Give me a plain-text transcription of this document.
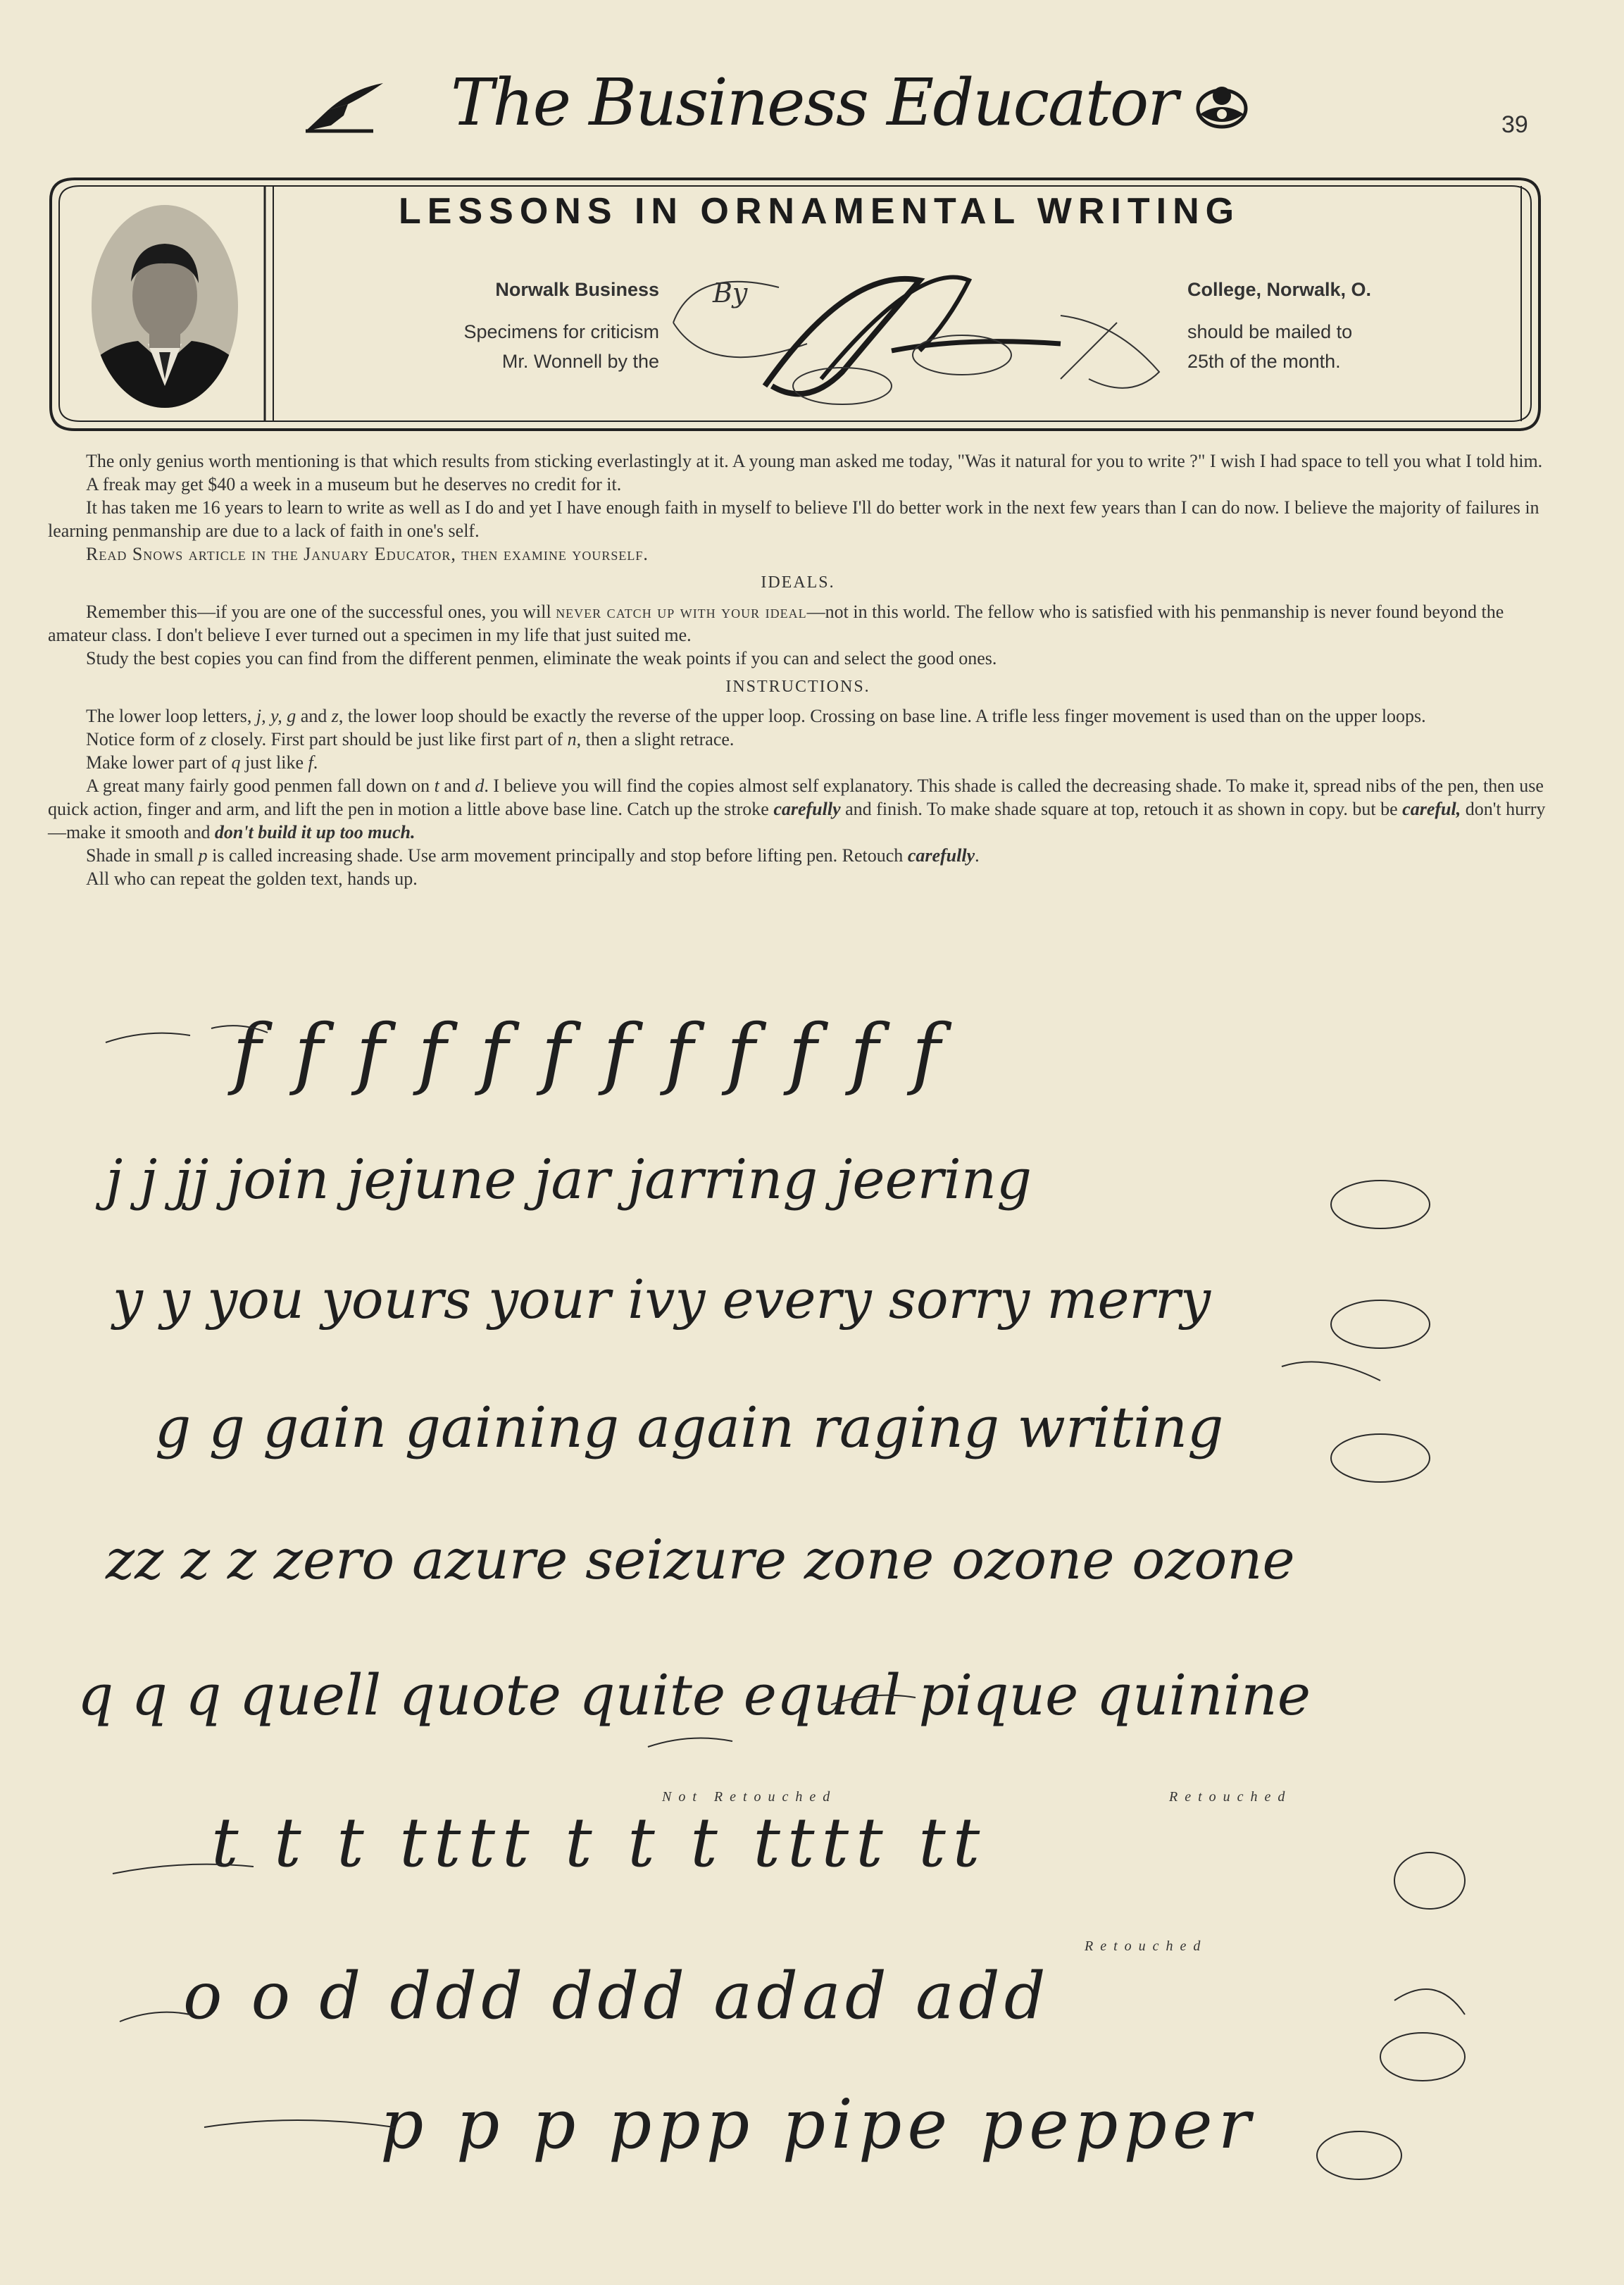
The Business Educator	39
LESSONS IN ORNAMENTAL WRITING
Norwalk Business
Specimens for criticism
Mr. Wonnell by the
By	College, Norwalk, O.
should be mailed to
25th of the month.

The only genius worth mentioning is that which results from sticking everlastingly at it. A young man asked me today, "Was it natural for you to write ?" I wish I had space to tell you what I told him.

A freak may get $40 a week in a museum but he deserves no credit for it.

It has taken me 16 years to learn to write as well as I do and yet I have enough faith in myself to believe I'll do better work in the next few years than I can do now. I believe the majority of failures in learning penmanship are due to a lack of faith in one's self.

Read Snows article in the January Educator, then examine yourself.

IDEALS.

Remember this—if you are one of the successful ones, you will never catch up with your ideal—not in this world. The fellow who is satisfied with his penmanship is never found beyond the amateur class. I don't believe I ever turned out a specimen in my life that just suited me.

Study the best copies you can find from the different penmen, eliminate the weak points if you can and select the good ones.

INSTRUCTIONS.

The lower loop letters, j, y, g and z, the lower loop should be exactly the reverse of the upper loop. Crossing on base line. A trifle less finger movement is used than on the upper loops.

Notice form of z closely. First part should be just like first part of n, then a slight retrace.

Make lower part of q just like f.

A great many fairly good penmen fall down on t and d. I believe you will find the copies almost self explanatory. This shade is called the decreasing shade. To make it, spread nibs of the pen, then use quick action, finger and arm, and lift the pen in motion a little above base line. Catch up the stroke carefully and finish. To make shade square at top, retouch it as shown in copy. but be careful, don't hurry—make it smooth and don't build it up too much.

Shade in small p is called increasing shade. Use arm movement principally and stop before lifting pen. Retouch carefully.

All who can repeat the golden text, hands up.

f f f f f f f f f f f f
j j jj join jejune jar jarring jeering
y y you yours your ivy every sorry merry
g g gain gaining again raging writing
zz z z zero azure seizure zone ozone ozone
q q q quell quote quite equal pique quinine
Not Retouched	Retouched
t t t tttt t t t tttt tt
Retouched
o o d ddd ddd adad add
p p p ppp pipe pepper
